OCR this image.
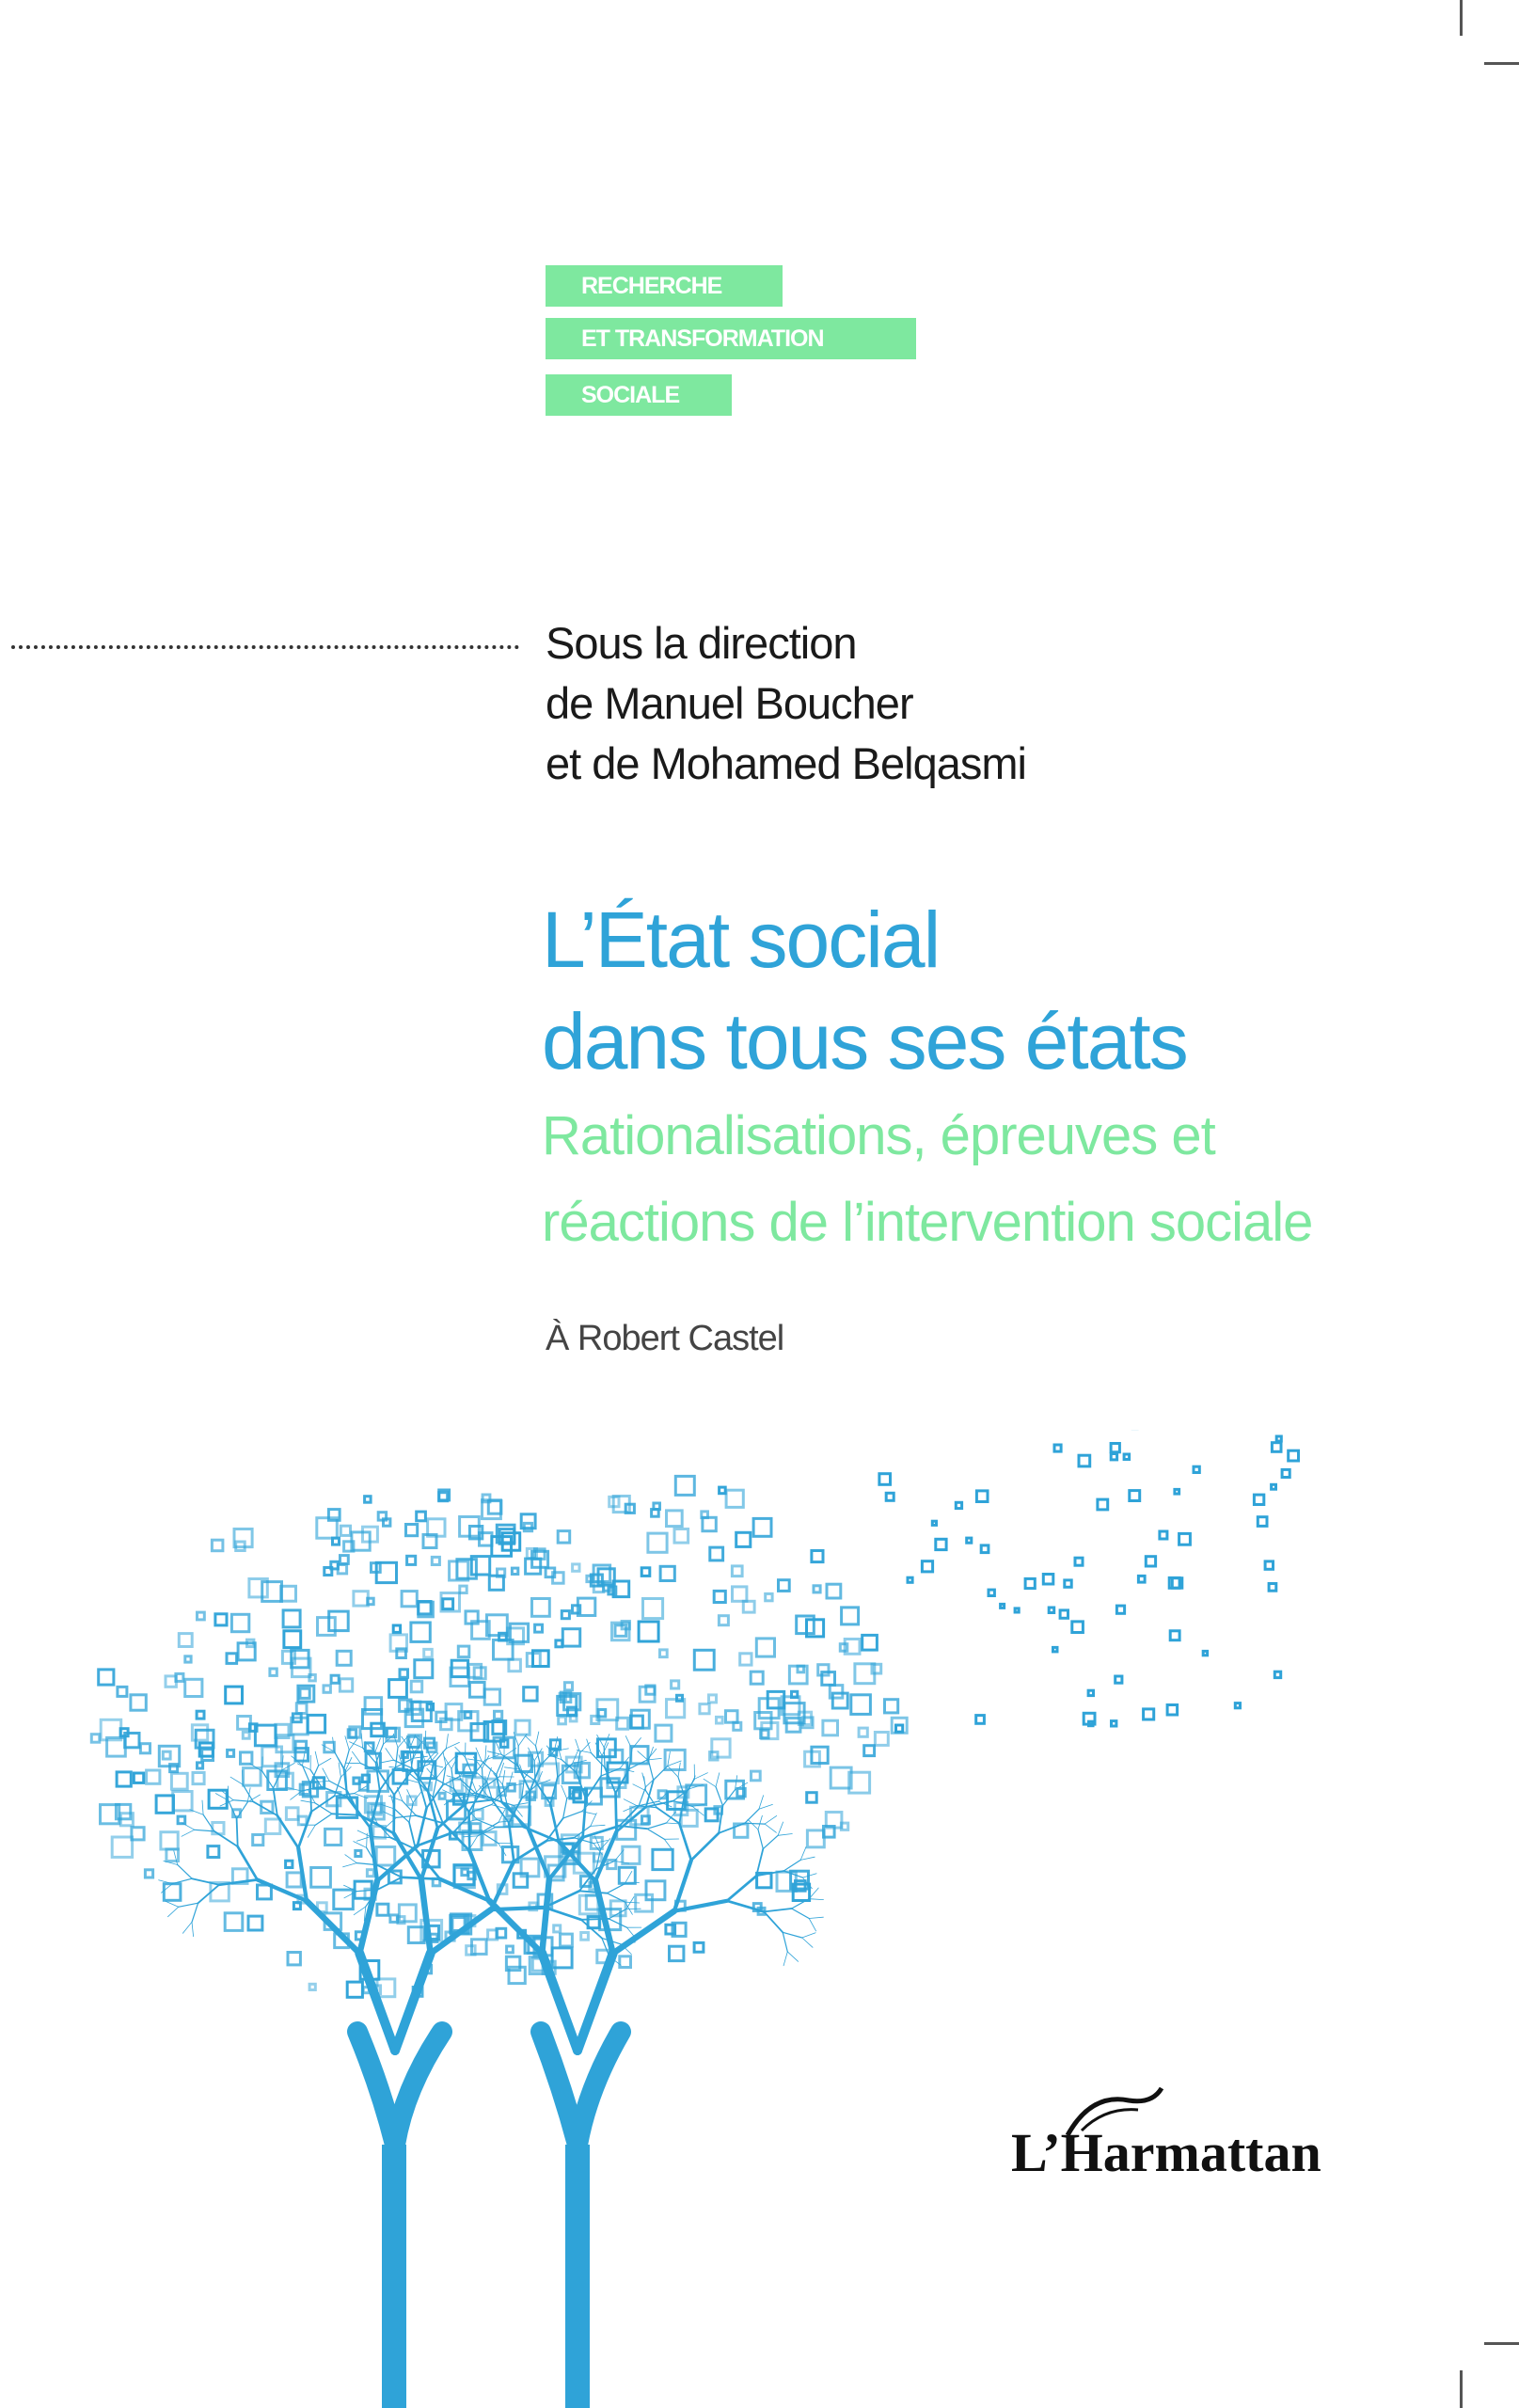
RECHERCHE
ET TRANSFORMATION
SOCIALE
Sous la direction
de Manuel Boucher
et de Mohamed Belqasmi
L’État social
dans tous ses états
Rationalisations, épreuves et
réactions de l’intervention sociale
À Robert Castel
L’Harmattan
